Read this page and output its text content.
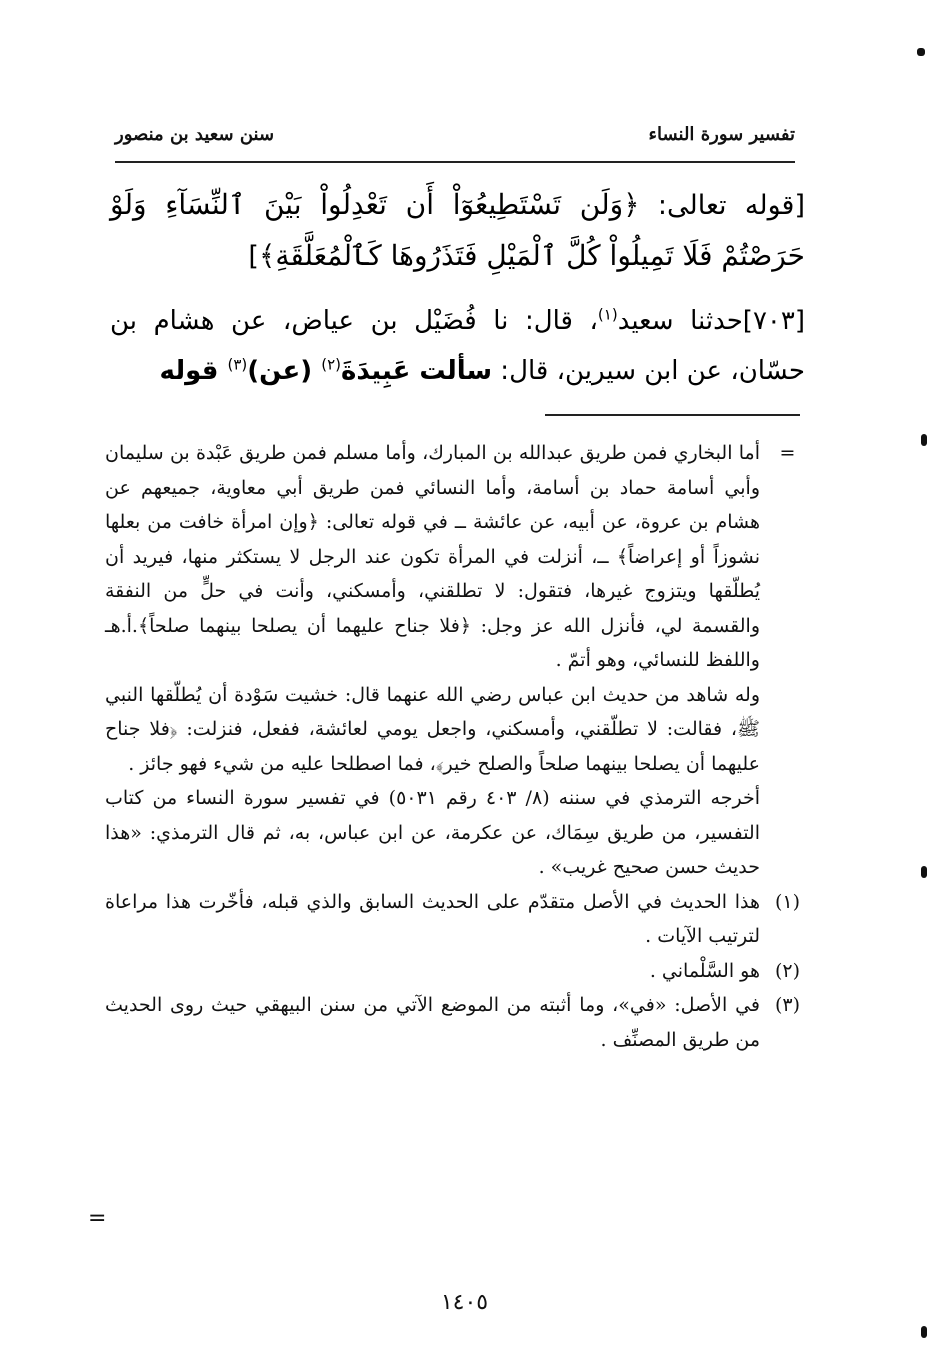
سنن سعيد بن منصور	تفسير سورة النساء
[قوله تعالى: ﴿وَلَن تَسْتَطِيعُوٓاْ أَن تَعْدِلُواْ بَيْنَ ٱلنِّسَآءِ وَلَوْ حَرَصْتُمْ فَلَا تَمِيلُواْ كُلَّ ٱلْمَيْلِ فَتَذَرُوهَا كَٱلْمُعَلَّقَةِ﴾]
[٧٠٣]حدثنا سعيد$^{(١)}$، قال: نا فُضَيْل بن عياض، عن هشام بن حسّان، عن ابن سيرين، قال: سألت عَبِيدَةَ$^{(٢)}$ (عن)$^{(٣)}$ قوله
=
أما البخاري فمن طريق عبدالله بن المبارك، وأما مسلم فمن طريق عَبْدة بن سليمان وأبي أسامة حماد بن أسامة، وأما النسائي فمن طريق أبي معاوية، جميعهم عن هشام بن عروة، عن أبيه، عن عائشة ــ في قوله تعالى: ﴿وإن امرأة خافت من بعلها نشوزاً أو إعراضاً﴾ ــ، أنزلت في المرأة تكون عند الرجل لا يستكثر منها، فيريد أن يُطلّقها ويتزوج غيرها، فتقول: لا تطلقني، وأمسكني، وأنت في حلٍّ من النفقة والقسمة لي، فأنزل الله عز وجل: ﴿فلا جناح عليهما أن يصلحا بينهما صلحاً﴾.أ.هـ واللفظ للنسائي، وهو أتمّ .
وله شاهد من حديث ابن عباس رضي الله عنهما قال: خشيت سَوْدة أن يُطلّقها النبي ﷺ، فقالت: لا تطلّقني، وأمسكني، واجعل يومي لعائشة، ففعل، فنزلت: ﴿فلا جناح عليهما أن يصلحا بينهما صلحاً والصلح خير﴾، فما اصطلحا عليه من شيء فهو جائز .
أخرجه الترمذي في سننه (٨/ ٤٠٣ رقم ٥٠٣١) في تفسير سورة النساء من كتاب التفسير، من طريق سِمَاك، عن عكرمة، عن ابن عباس، به، ثم قال الترمذي: «هذا حديث حسن صحيح غريب» .
(١)
هذا الحديث في الأصل متقدّم على الحديث السابق والذي قبله، فأخّرت هذا مراعاة لترتيب الآيات .
(٢)
هو السَّلْماني .
(٣)
في الأصل: «في»، وما أثبته من الموضع الآتي من سنن البيهقي حيث روى الحديث من طريق المصنِّف .
=
١٤٠٥
